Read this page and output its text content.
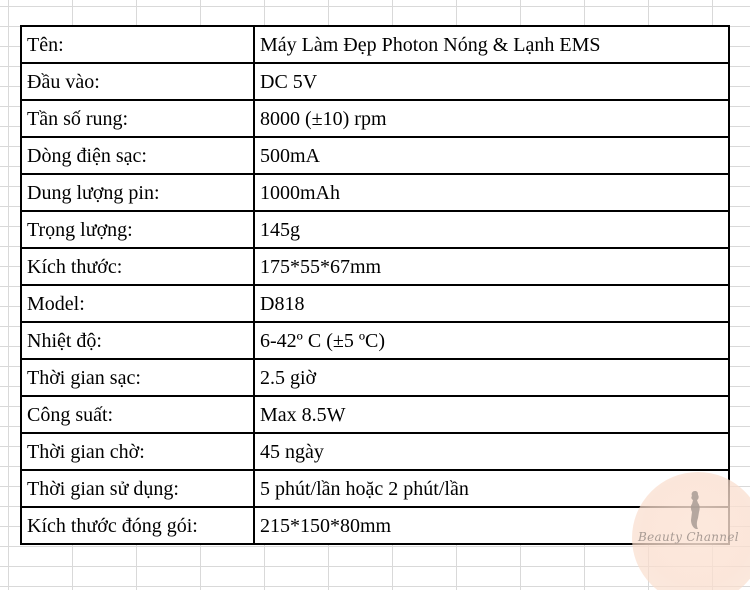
Tên:	Máy Làm Đẹp Photon Nóng & Lạnh EMS
Đầu vào:	DC 5V
Tần số rung:	8000 (±10) rpm
Dòng điện sạc:	500mA
Dung lượng pin:	1000mAh
Trọng lượng:	145g
Kích thước:	175*55*67mm
Model:	D818
Nhiệt độ:	6-42º C (±5 ºC)
Thời gian sạc:	2.5 giờ
Công suất:	Max 8.5W
Thời gian chờ:	45 ngày
Thời gian sử dụng:	5 phút/lần hoặc 2 phút/lần
Kích thước đóng gói:	215*150*80mm
Beauty Channel
